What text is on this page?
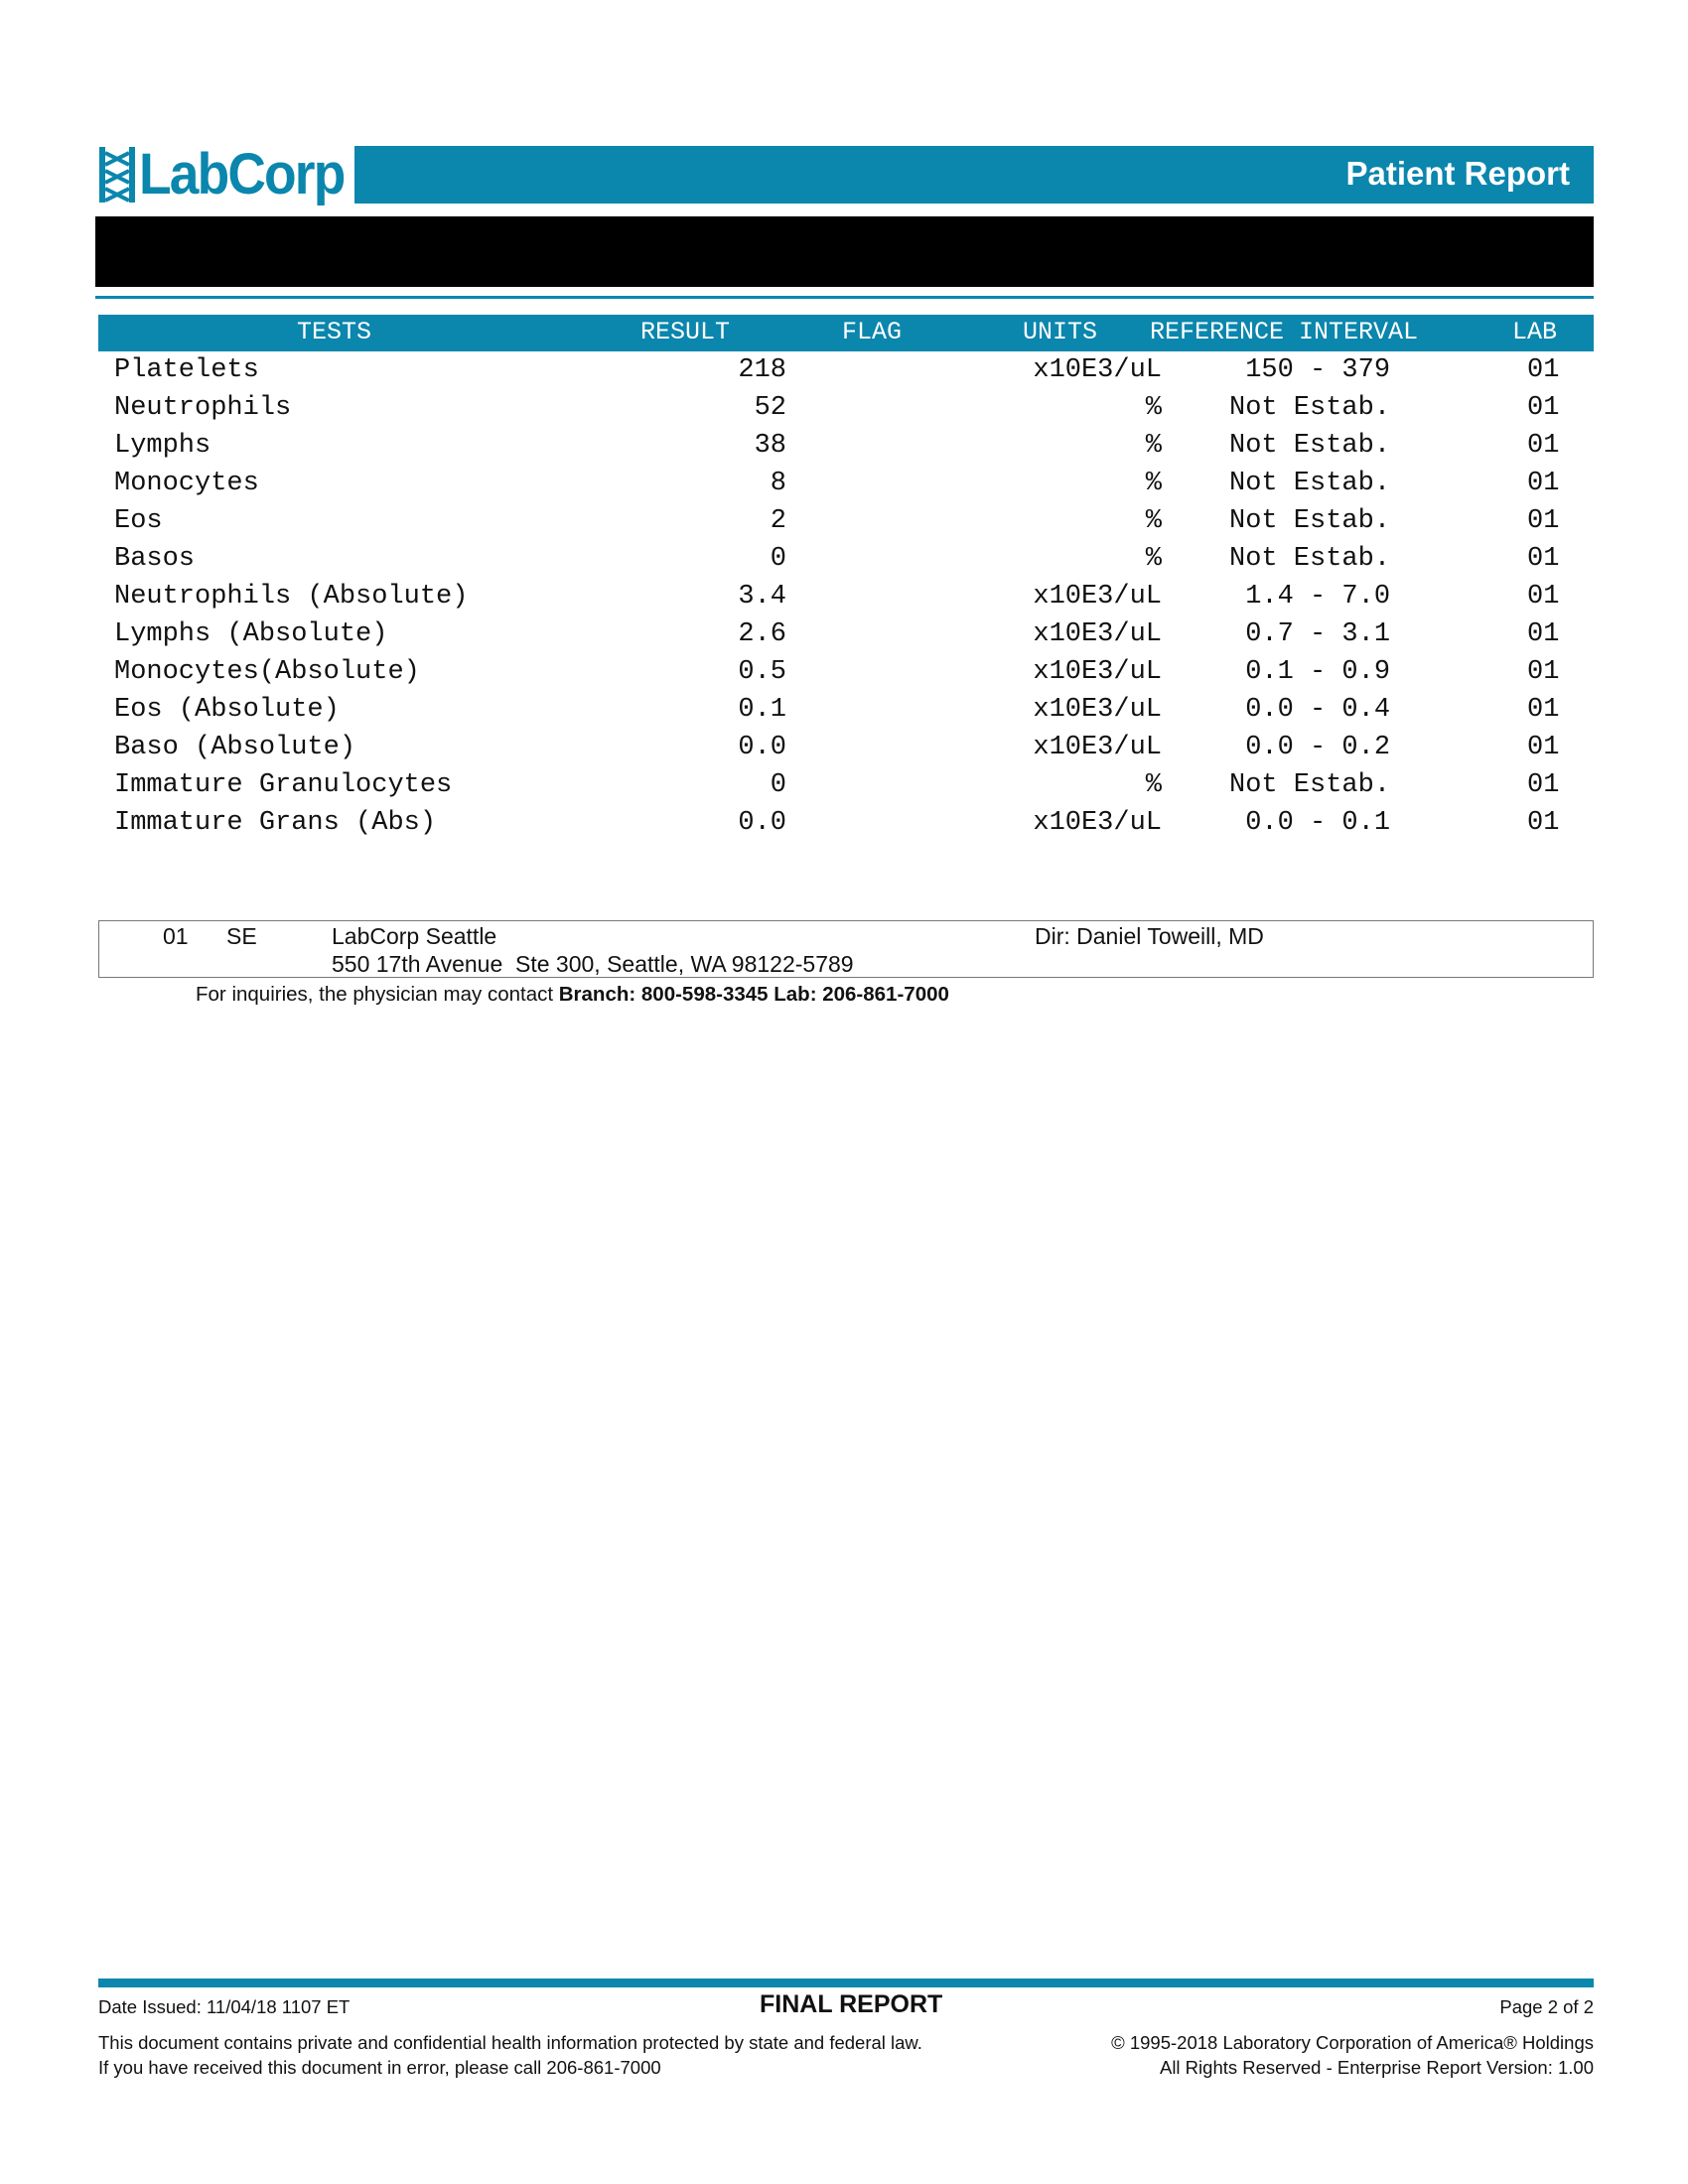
LabCorp	Patient Report
TESTS	RESULT	FLAG	UNITS REFERENCE INTERVAL	LAB
Platelets	218	x10E3/uL	150 - 379	01
Neutrophils	52	%	Not Estab.	01
Lymphs	38	%	Not Estab.	01
Monocytes	8	%	Not Estab.	01
Eos	2	%	Not Estab.	01
Basos	0	%	Not Estab.	01
Neutrophils (Absolute)	3.4	x10E3/uL	1.4 - 7.0	01
Lymphs (Absolute)	2.6	x10E3/uL	0.7 - 3.1	01
Monocytes(Absolute)	0.5	x10E3/uL	0.1 - 0.9	01
Eos (Absolute)	0.1	x10E3/uL	0.0 - 0.4	01
Baso (Absolute)	0.0	x10E3/uL	0.0 - 0.2	01
Immature Granulocytes	0	%	Not Estab.	01
Immature Grans (Abs)	0.0	x10E3/uL	0.0 - 0.1	01
01 SE	LabCorp Seattle
550 17th Avenue  Ste 300, Seattle, WA 98122-5789
Dir: Daniel Toweill, MD
For inquiries, the physician may contact Branch: 800-598-3345 Lab: 206-861-7000
Date Issued: 11/04/18 1107 ET	FINAL REPORT	Page 2 of 2
This document contains private and confidential health information protected by state and federal law.
If you have received this document in error, please call 206-861-7000
© 1995-2018 Laboratory Corporation of America® Holdings
All Rights Reserved - Enterprise Report Version: 1.00
